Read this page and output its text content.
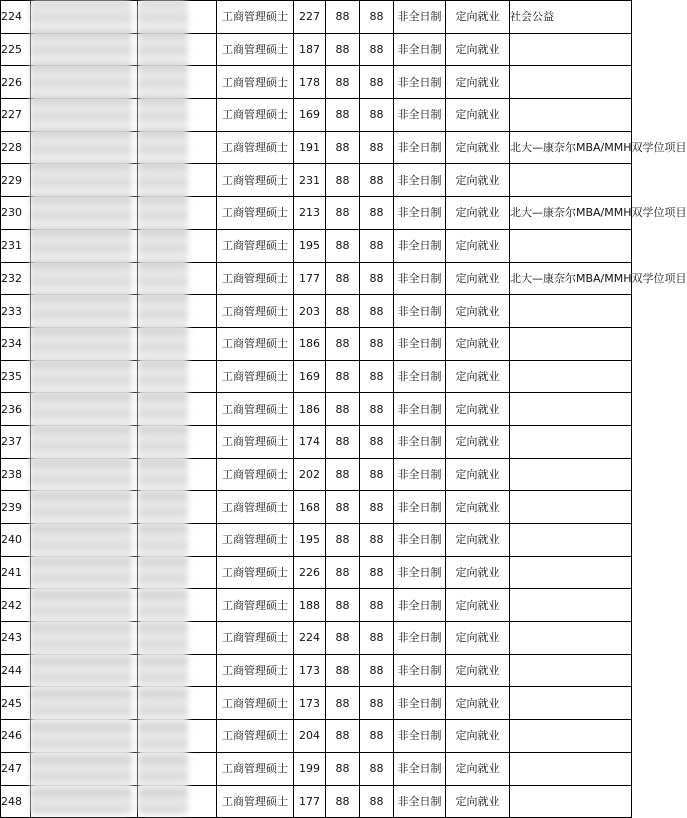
224			工商管理硕士	227	88	88	非全日制	定向就业	社会公益
225			工商管理硕士	187	88	88	非全日制	定向就业	
226			工商管理硕士	178	88	88	非全日制	定向就业	
227			工商管理硕士	169	88	88	非全日制	定向就业	
228			工商管理硕士	191	88	88	非全日制	定向就业	北大—康奈尔MBA/MMH双学位项目
229			工商管理硕士	231	88	88	非全日制	定向就业	
230			工商管理硕士	213	88	88	非全日制	定向就业	北大—康奈尔MBA/MMH双学位项目
231			工商管理硕士	195	88	88	非全日制	定向就业	
232			工商管理硕士	177	88	88	非全日制	定向就业	北大—康奈尔MBA/MMH双学位项目
233			工商管理硕士	203	88	88	非全日制	定向就业	
234			工商管理硕士	186	88	88	非全日制	定向就业	
235			工商管理硕士	169	88	88	非全日制	定向就业	
236			工商管理硕士	186	88	88	非全日制	定向就业	
237			工商管理硕士	174	88	88	非全日制	定向就业	
238			工商管理硕士	202	88	88	非全日制	定向就业	
239			工商管理硕士	168	88	88	非全日制	定向就业	
240			工商管理硕士	195	88	88	非全日制	定向就业	
241			工商管理硕士	226	88	88	非全日制	定向就业	
242			工商管理硕士	188	88	88	非全日制	定向就业	
243			工商管理硕士	224	88	88	非全日制	定向就业	
244			工商管理硕士	173	88	88	非全日制	定向就业	
245			工商管理硕士	173	88	88	非全日制	定向就业	
246			工商管理硕士	204	88	88	非全日制	定向就业	
247			工商管理硕士	199	88	88	非全日制	定向就业	
248			工商管理硕士	177	88	88	非全日制	定向就业	
